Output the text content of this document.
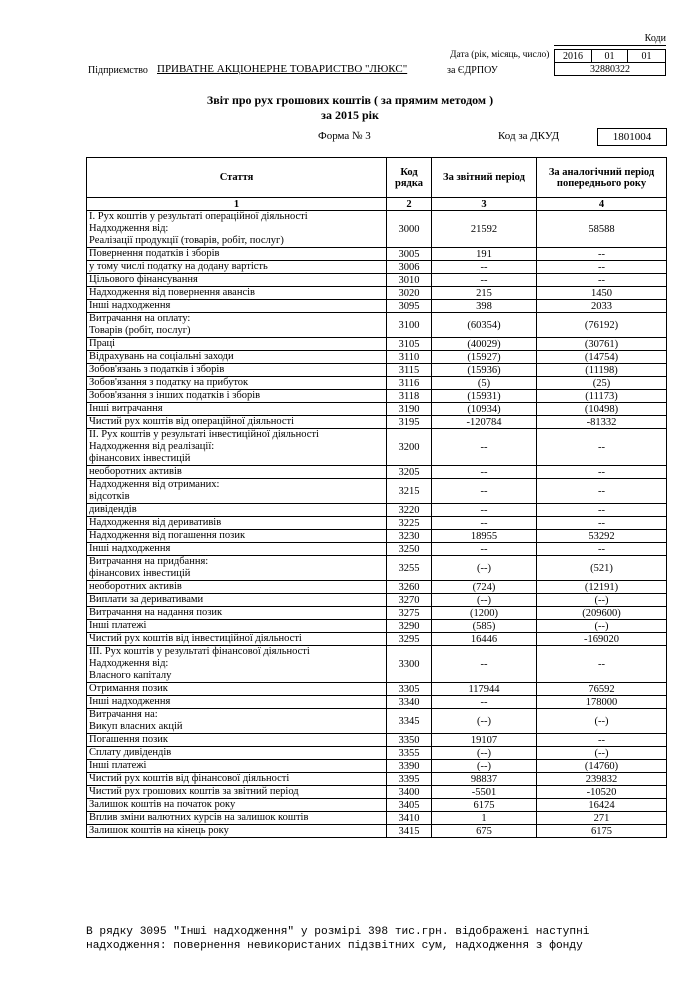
Коди
2016	01	01
32880322
Дата (рік, місяць, число)
Підприємство ПРИВАТНЕ АКЦІОНЕРНЕ ТОВАРИСТВО "ЛЮКС"	за ЄДРПОУ
Звіт про рух грошових коштів ( за прямим методом )
за 2015 рік
Форма № 3	Код за ДКУД	1801004
Стаття	Код рядка	За звітний період	За аналогічний період попереднього року
1	2	3	4

І. Рух коштів у результаті операційної діяльності
Надходження від:
Реалізації продукції (товарів, робіт, послуг)	3000	21592	58588

Повернення податків і зборів	3005	191	--

у тому числі податку на додану вартість	3006	--	--

Цільового фінансування	3010	--	--

Надходження від повернення авансів	3020	215	1450

Інші надходження	3095	398	2033

Витрачання на оплату:
Товарів (робіт, послуг)	3100	(60354)	(76192)

Праці	3105	(40029)	(30761)

Відрахувань на соціальні заходи	3110	(15927)	(14754)

Зобов'язань з податків і зборів	3115	(15936)	(11198)

Зобов'язання з податку на прибуток	3116	(5)	(25)

Зобов'язання з інших податків і зборів	3118	(15931)	(11173)

Інші витрачання	3190	(10934)	(10498)

Чистий рух коштів від операційної діяльності	3195	-120784	-81332

ІІ. Рух коштів у результаті інвестиційної діяльності
Надходження від реалізації:
фінансових інвестицій	3200	--	--

необоротних активів	3205	--	--

Надходження від отриманих:
відсотків	3215	--	--

дивідендів	3220	--	--

Надходження від деривативів	3225	--	--

Надходження від погашення позик	3230	18955	53292

Інші надходження	3250	--	--

Витрачання на придбання:
фінансових інвестицій	3255	(--)	(521)

необоротних активів	3260	(724)	(12191)

Виплати за деривативами	3270	(--)	(--)

Витрачання на надання позик	3275	(1200)	(209600)

Інші платежі	3290	(585)	(--)

Чистий рух коштів від інвестиційної діяльності	3295	16446	-169020

ІІІ. Рух коштів у результаті фінансової діяльності
Надходження від:
Власного капіталу	3300	--	--

Отримання позик	3305	117944	76592

Інші надходження	3340	--	178000

Витрачання на:
Викуп власних акцій	3345	(--)	(--)

Погашення позик	3350	19107	--

Сплату дивідендів	3355	(--)	(--)

Інші платежі	3390	(--)	(14760)

Чистий рух коштів від фінансової діяльності	3395	98837	239832

Чистий рух грошових коштів за звітний період	3400	-5501	-10520

Залишок коштів на початок року	3405	6175	16424

Вплив зміни валютних курсів на залишок коштів	3410	1	271

Залишок коштів на кінець року	3415	675	6175
В рядку 3095 "Інші надходження" у розмірі 398 тис.грн. відображені наступні
надходження: повернення невикористаних підзвітних сум, надходження з фонду
